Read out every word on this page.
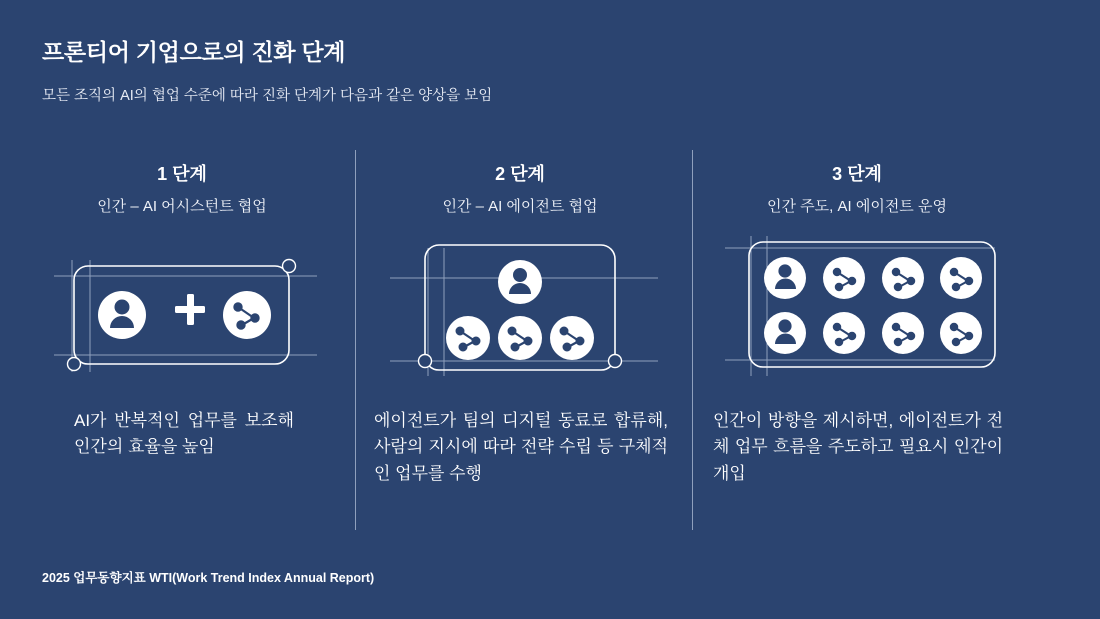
프론티어 기업으로의 진화 단계
모든 조직의 AI의 협업 수준에 따라 진화 단계가 다음과 같은 양상을 보임
1 단계
인간 – AI 어시스턴트 협업
AI가 반복적인 업무를 보조해 인간의 효율을 높임
2 단계
인간 – AI 에이전트 협업
에이전트가 팀의 디지털 동료로 합류해, 사람의 지시에 따라 전략 수립 등 구체적인 업무를 수행
3 단계
인간 주도, AI 에이전트 운영
인간이 방향을 제시하면, 에이전트가 전체 업무 흐름을 주도하고 필요시 인간이 개입
2025 업무동향지표 WTI(Work Trend Index Annual Report)
